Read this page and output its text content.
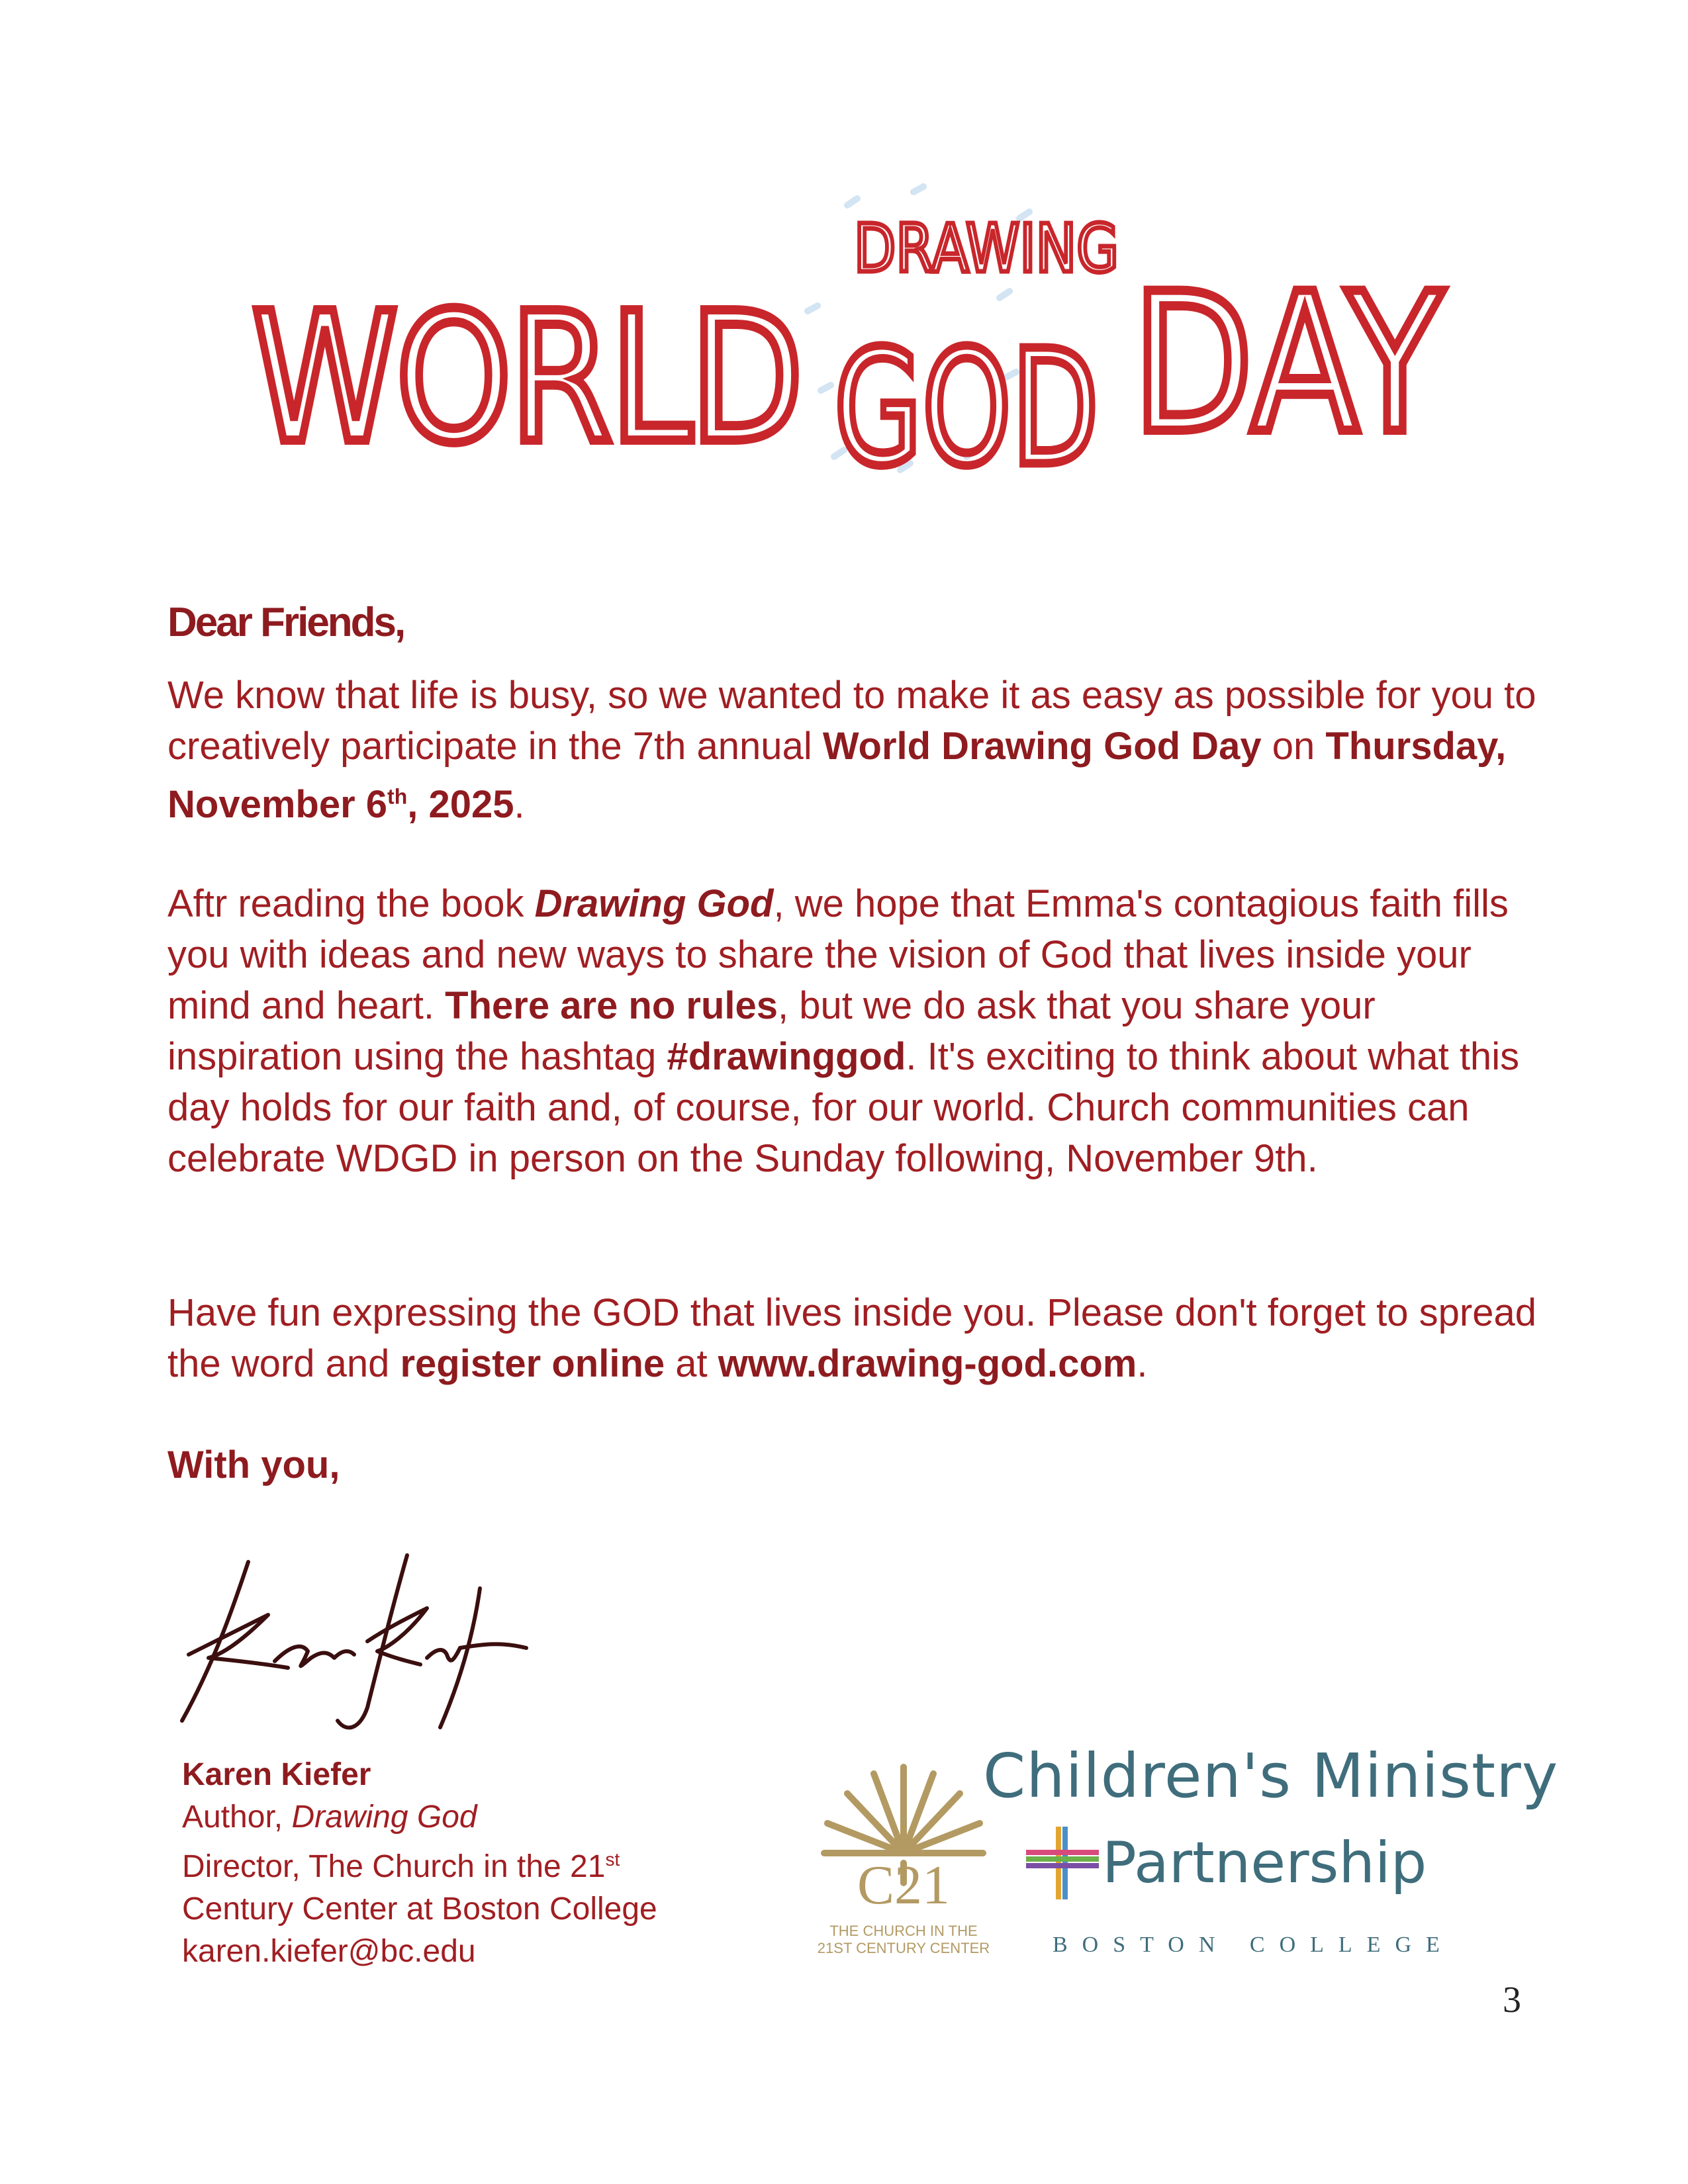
WORLD
DRAWING
GOD DAY
Dear Friends,
We know that life is busy, so we wanted to make it as easy as possible for you to creatively participate in the 7th annual World Drawing God Day on Thursday, November 6th, 2025.
Aftr reading the book Drawing God, we hope that Emma's contagious faith fills you with ideas and new ways to share the vision of God that lives inside your mind and heart. There are no rules, but we do ask that you share your inspiration using the hashtag #drawinggod. It's exciting to think about what this day holds for our faith and, of course, for our world. Church communities can celebrate WDGD in person on the Sunday following, November 9th.
Have fun expressing the GOD that lives inside you. Please don't forget to spread the word and register online at www.drawing-god.com.
With you,
Karen Kiefer
Author, Drawing God
Director, The Church in the 21st
Century Center at Boston College
karen.kiefer@bc.edu
C21
THE CHURCH IN THE
21ST CENTURY CENTER
Children's Ministry
Partnership
BOSTON COLLEGE
3
